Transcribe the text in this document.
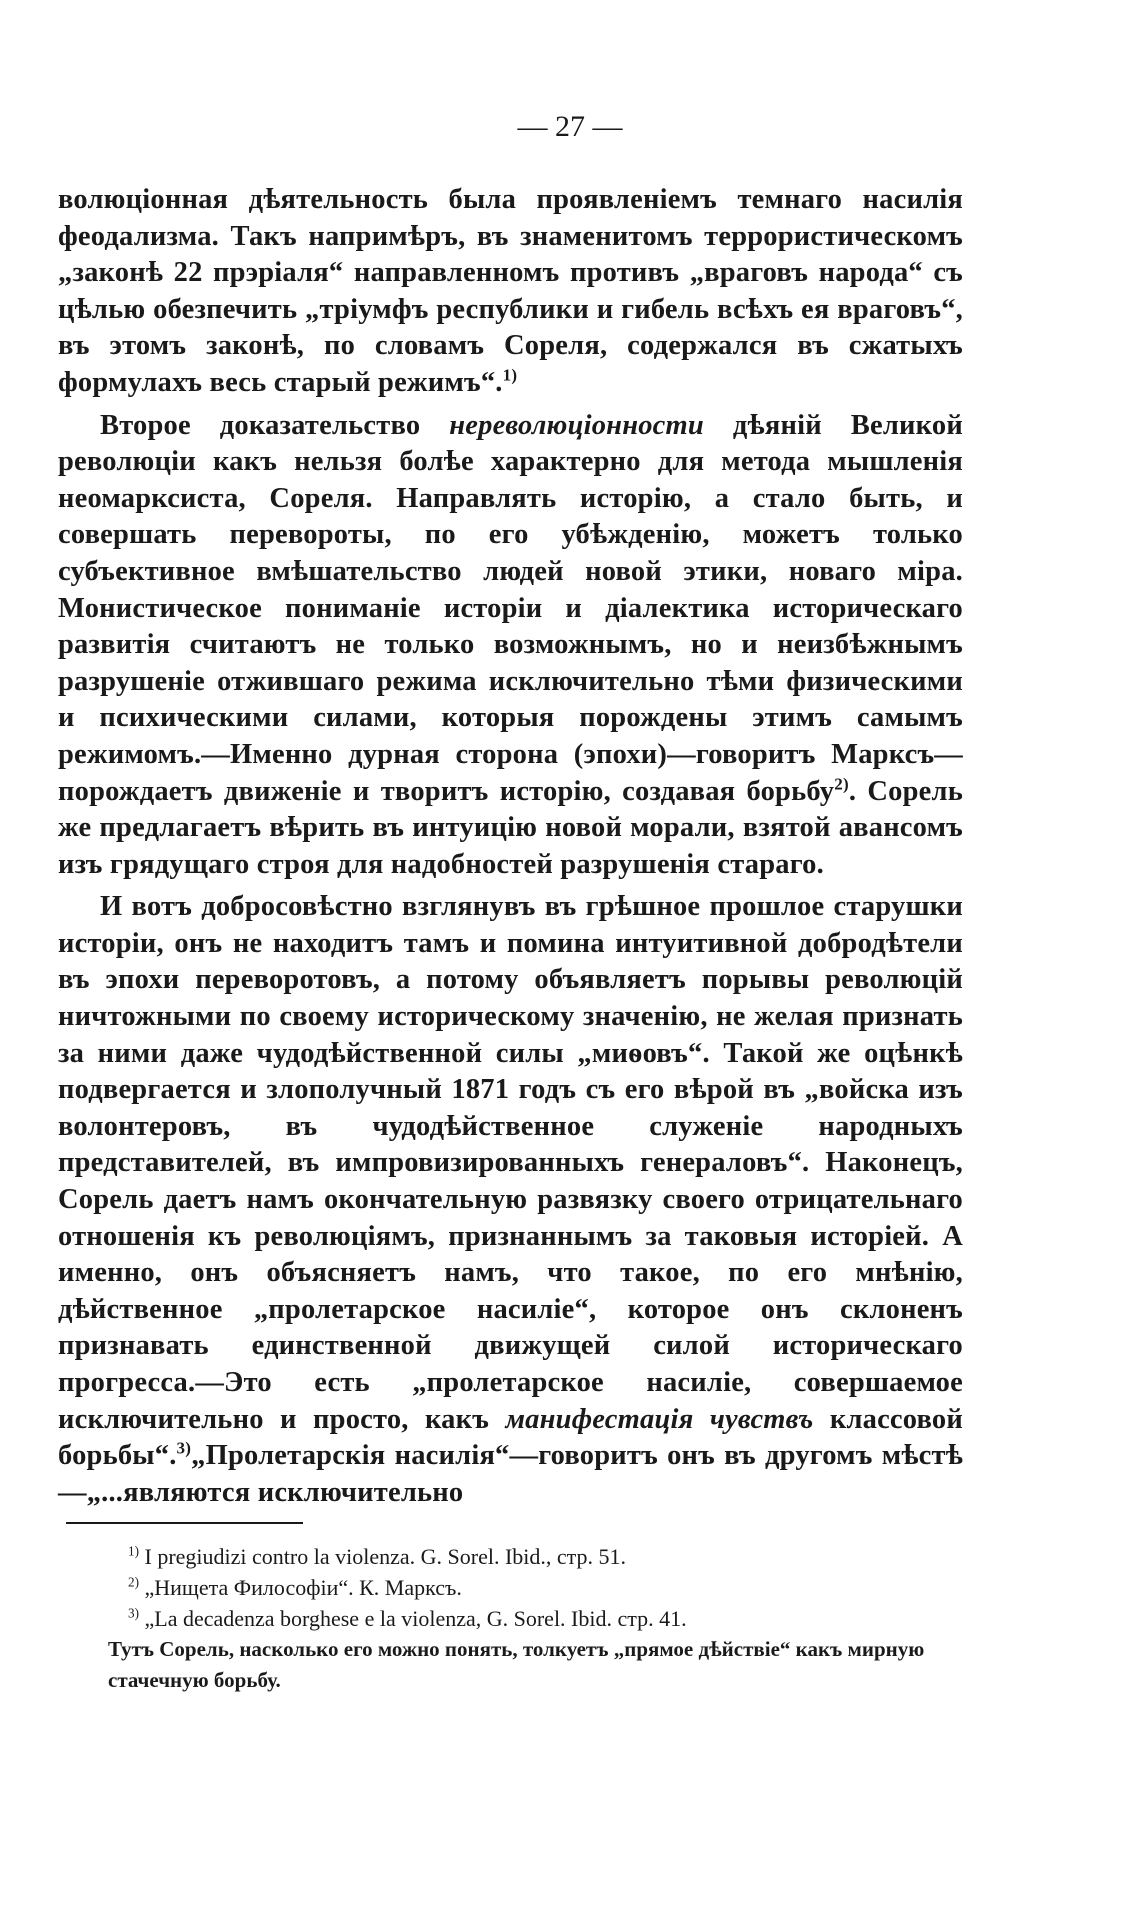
— 27 —

волюціонная дѣятельность была проявленіемъ темнаго насилія феодализма. Такъ напримѣръ, въ знаменитомъ террористическомъ „законѣ 22 прэріаля“ направленномъ противъ „враговъ народа“ съ цѣлью обезпечить „тріумфъ республики и гибель всѣхъ ея враговъ“, въ этомъ законѣ, по словамъ Сореля, содержался въ сжатыхъ формулахъ весь старый режимъ“.$^{1)}$

Второе доказательство нереволюціонности дѣяній Великой революціи какъ нельзя болѣе характерно для метода мышленія неомарксиста, Сореля. Направлять исторію, а стало быть, и совершать перевороты, по его убѣжденію, можетъ только субъективное вмѣшательство людей новой этики, новаго міра. Монистическое пониманіе исторіи и діалектика историческаго развитія считаютъ не только возможнымъ, но и неизбѣжнымъ разрушеніе отжившаго режима исключительно тѣми физическими и психическими силами, которыя порождены этимъ самымъ режимомъ.—Именно дурная сторона (эпохи)—говоритъ Марксъ—порождаетъ движеніе и творитъ исторію, создавая борьбу$^{2)}$. Сорель же предлагаетъ вѣрить въ интуицію новой морали, взятой авансомъ изъ грядущаго строя для надобностей разрушенія стараго.

И вотъ добросовѣстно взглянувъ въ грѣшное прошлое старушки исторіи, онъ не находитъ тамъ и помина интуитивной добродѣтели въ эпохи переворотовъ, а потому объявляетъ порывы революцій ничтожными по своему историческому значенію, не желая признать за ними даже чудодѣйственной силы „миѳовъ“. Такой же оцѣнкѣ подвергается и злополучный 1871 годъ съ его вѣрой въ „войска изъ волонтеровъ, въ чудодѣйственное служеніе народныхъ представителей, въ импровизированныхъ генераловъ“. Наконецъ, Сорель даетъ намъ окончательную развязку своего отрицательнаго отношенія къ революціямъ, признаннымъ за таковыя исторіей. А именно, онъ объясняетъ намъ, что такое, по его мнѣнію, дѣйственное „пролетарское насиліе“, которое онъ склоненъ признавать единственной движущей силой историческаго прогресса.—Это есть „пролетарское насиліе, совершаемое исключительно и просто, какъ манифестація чувствъ классовой борьбы“.$^{3)}$„Пролетарскія насилія“—говоритъ онъ въ другомъ мѣстѣ —„...являются исключительно

$^{1)}$ I pregiudizi contro la violenza. G. Sorel. Ibid., стр. 51.
$^{2)}$ „Нищета Философіи“. К. Марксъ.
$^{3)}$ „La decadenza borghese e la violenza, G. Sorel. Ibid. стр. 41.
Тутъ Сорель, насколько его можно понять, толкуетъ „прямое дѣйствіе“ какъ мирную стачечную борьбу.
